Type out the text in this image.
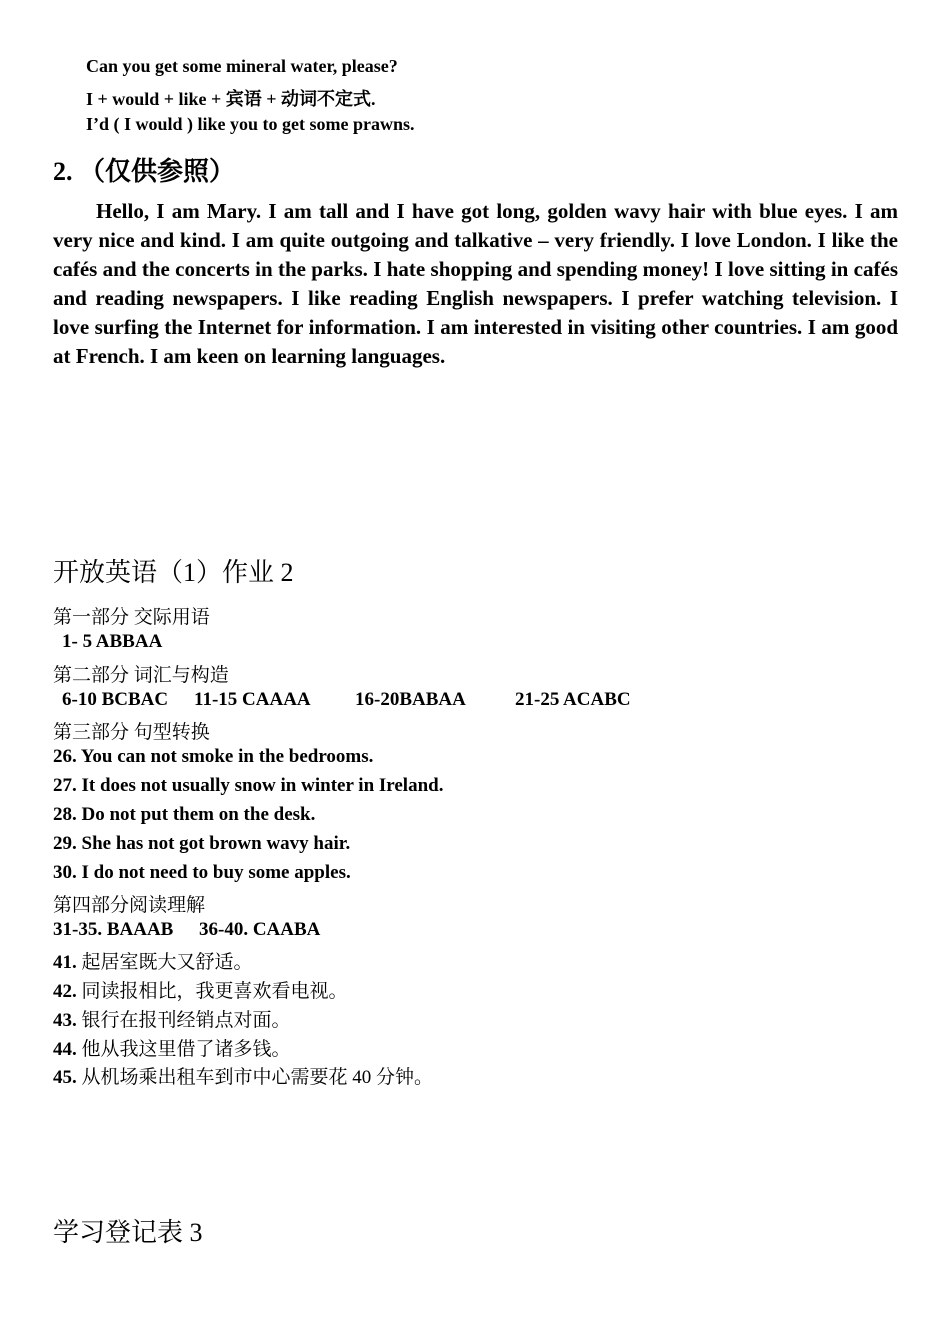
Can you get some mineral water, please?
I + would + like + 宾语 + 动词不定式.
I’d ( I would ) like you to get some prawns.
2. （仅供参照）
Hello, I am Mary. I am tall and I have got long, golden wavy hair with blue eyes. I am very nice and kind. I am quite outgoing and talkative – very friendly. I love London. I like the cafés and the concerts in the parks. I hate shopping and spending money! I love sitting in cafés and reading newspapers. I like reading English newspapers. I prefer watching television. I love surfing the Internet for information. I am interested in visiting other countries. I am good at French. I am keen on learning languages.
开放英语（1）作业 2
第一部分 交际用语
1- 5 ABBAA
第二部分 词汇与构造
6-10 BCBAC 11-15 CAAAA 16-20BABAA	21-25 ACABC
第三部分 句型转换
26. You can not smoke in the bedrooms.
27. It does not usually snow in winter in Ireland.
28. Do not put them on the desk.
29. She has not got brown wavy hair.
30. I do not need to buy some apples.
第四部分阅读理解
31-35. BAAAB 36-40. CAABA
41. 起居室既大又舒适。
42. 同读报相比，我更喜欢看电视。
43. 银行在报刊经销点对面。
44. 他从我这里借了诸多钱。
45. 从机场乘出租车到市中心需要花 40 分钟。
学习登记表 3
